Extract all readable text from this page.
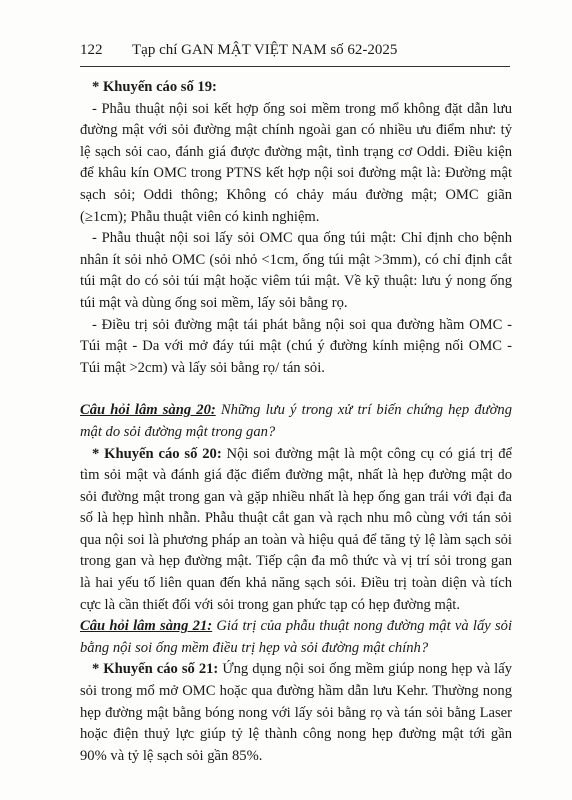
122 Tạp chí GAN MẬT VIỆT NAM số 62-2025

* Khuyến cáo số 19:

- Phẫu thuật nội soi kết hợp ống soi mềm trong mổ không đặt dẫn lưu đường mật với sỏi đường mật chính ngoài gan có nhiều ưu điểm như: tỷ lệ sạch sỏi cao, đánh giá được đường mật, tình trạng cơ Oddi. Điều kiện để khâu kín OMC trong PTNS kết hợp nội soi đường mật là: Đường mật sạch sỏi; Oddi thông; Không có chảy máu đường mật; OMC giãn (≥1cm); Phẫu thuật viên có kinh nghiệm.

- Phẫu thuật nội soi lấy sỏi OMC qua ống túi mật: Chỉ định cho bệnh nhân ít sỏi nhỏ OMC (sỏi nhỏ <1cm, ống túi mật >3mm), có chỉ định cắt túi mật do có sỏi túi mật hoặc viêm túi mật. Về kỹ thuật: lưu ý nong ống túi mật và dùng ống soi mềm, lấy sỏi bằng rọ.

- Điều trị sỏi đường mật tái phát bằng nội soi qua đường hầm OMC - Túi mật - Da với mở đáy túi mật (chú ý đường kính miệng nối OMC - Túi mật >2cm) và lấy sỏi bằng rọ/ tán sỏi.

Câu hỏi lâm sàng 20: Những lưu ý trong xử trí biến chứng hẹp đường mật do sỏi đường mật trong gan?

* Khuyến cáo số 20: Nội soi đường mật là một công cụ có giá trị để tìm sỏi mật và đánh giá đặc điểm đường mật, nhất là hẹp đường mật do sỏi đường mật trong gan và gặp nhiều nhất là hẹp ống gan trái với đại đa số là hẹp hình nhẫn. Phẫu thuật cắt gan và rạch nhu mô cùng với tán sỏi qua nội soi là phương pháp an toàn và hiệu quả để tăng tỷ lệ làm sạch sỏi trong gan và hẹp đường mật. Tiếp cận đa mô thức và vị trí sỏi trong gan là hai yếu tố liên quan đến khả năng sạch sỏi. Điều trị toàn diện và tích cực là cần thiết đối với sỏi trong gan phức tạp có hẹp đường mật.

Câu hỏi lâm sàng 21: Giá trị của phẫu thuật nong đường mật và lấy sỏi bằng nội soi ống mềm điều trị hẹp và sỏi đường mật chính?

* Khuyến cáo số 21: Ứng dụng nội soi ống mềm giúp nong hẹp và lấy sỏi trong mổ mở OMC hoặc qua đường hầm dẫn lưu Kehr. Thường nong hẹp đường mật bằng bóng nong với lấy sỏi bằng rọ và tán sỏi bằng Laser hoặc điện thuỷ lực giúp tỷ lệ thành công nong hẹp đường mật tới gần 90% và tỷ lệ sạch sỏi gần 85%.
